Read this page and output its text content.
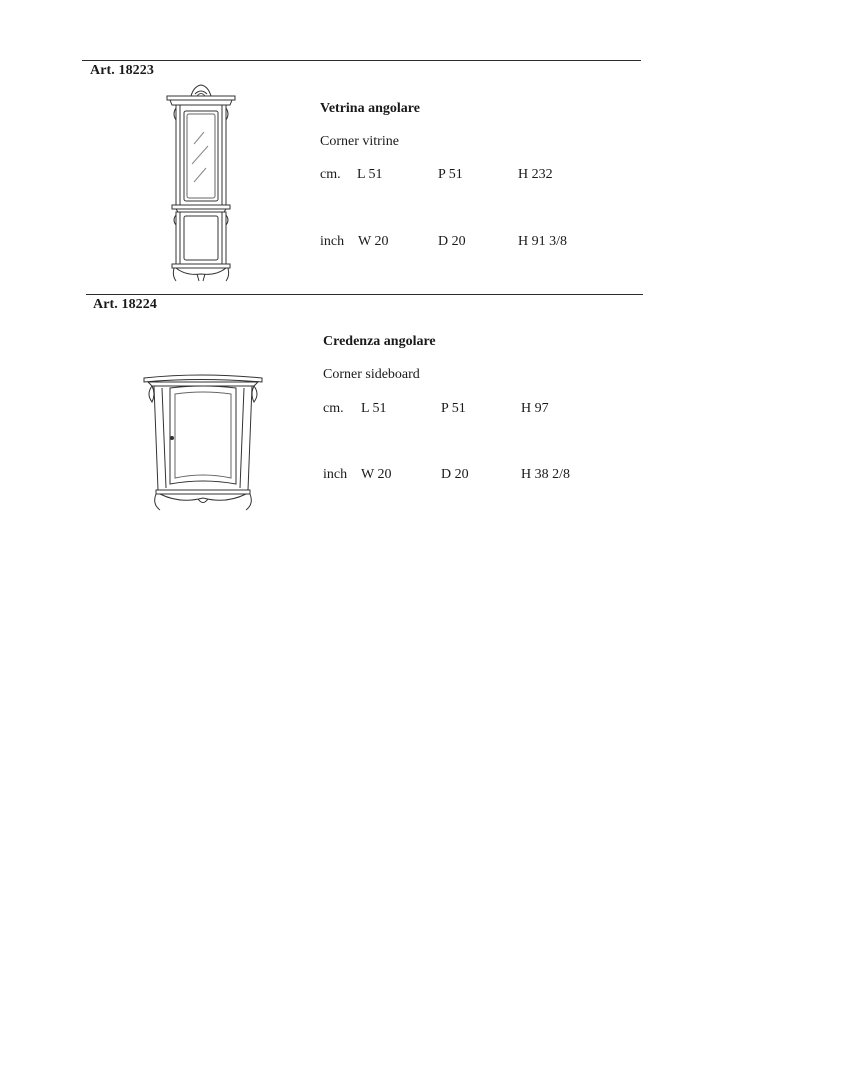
Art. 18223
Vetrina angolare
Corner vitrine
cm. L 51	P 51	H 232
inch W 20	D 20	H 91 3/8
Art. 18224
Credenza angolare
Corner sideboard
cm. L 51	P 51	H 97
inch W 20	D 20	H 38 2/8
